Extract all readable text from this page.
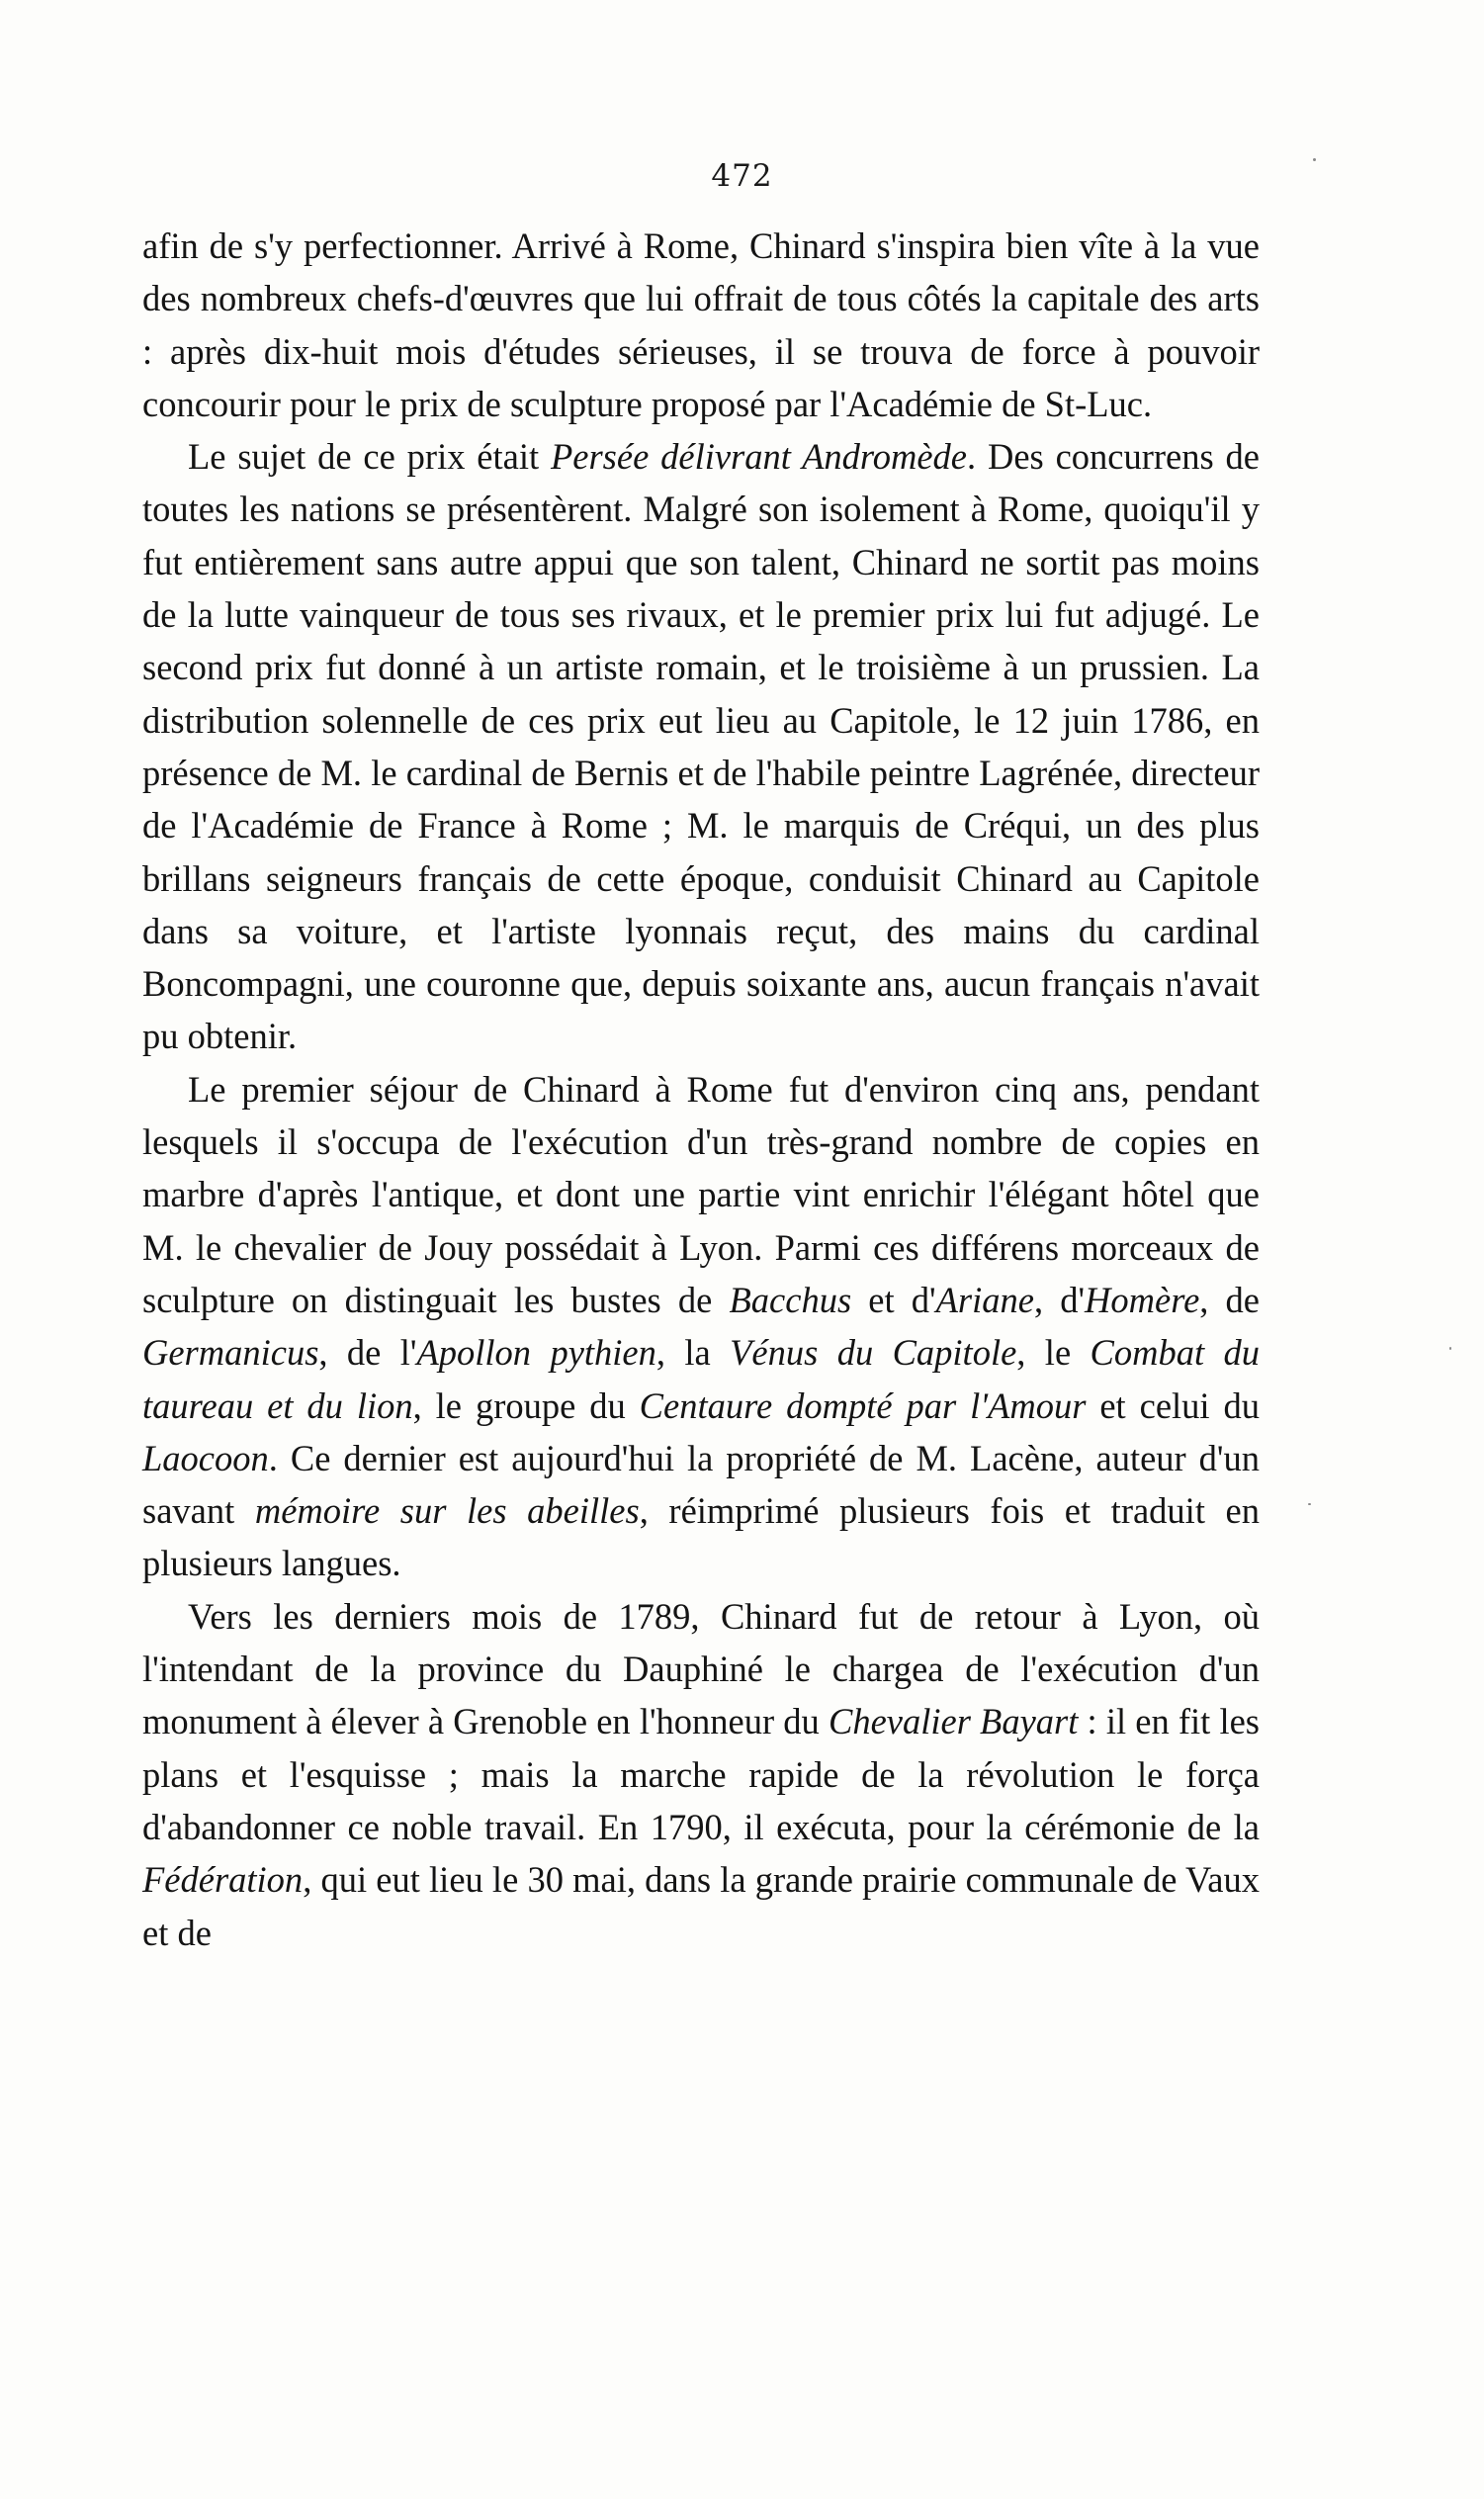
472

afin de s'y perfectionner. Arrivé à Rome, Chinard s'inspira bien vîte à la vue des nombreux chefs-d'œuvres que lui offrait de tous côtés la capitale des arts : après dix-huit mois d'études sérieuses, il se trouva de force à pouvoir concourir pour le prix de sculpture proposé par l'Académie de St-Luc.

Le sujet de ce prix était Persée délivrant Andromède. Des concurrens de toutes les nations se présentèrent. Malgré son isolement à Rome, quoiqu'il y fut entièrement sans autre appui que son talent, Chinard ne sortit pas moins de la lutte vainqueur de tous ses rivaux, et le premier prix lui fut adjugé. Le second prix fut donné à un artiste romain, et le troisième à un prussien. La distribution solennelle de ces prix eut lieu au Capitole, le 12 juin 1786, en présence de M. le cardinal de Bernis et de l'habile peintre Lagrénée, directeur de l'Académie de France à Rome ; M. le marquis de Créqui, un des plus brillans seigneurs français de cette époque, conduisit Chinard au Capitole dans sa voiture, et l'artiste lyonnais reçut, des mains du cardinal Boncompagni, une couronne que, depuis soixante ans, aucun français n'avait pu obtenir.

Le premier séjour de Chinard à Rome fut d'environ cinq ans, pendant lesquels il s'occupa de l'exécution d'un très-grand nombre de copies en marbre d'après l'antique, et dont une partie vint enrichir l'élégant hôtel que M. le chevalier de Jouy possédait à Lyon. Parmi ces différens morceaux de sculpture on distinguait les bustes de Bacchus et d'Ariane, d'Homère, de Germanicus, de l'Apollon pythien, la Vénus du Capitole, le Combat du taureau et du lion, le groupe du Centaure dompté par l'Amour et celui du Laocoon. Ce dernier est aujourd'hui la propriété de M. Lacène, auteur d'un savant mémoire sur les abeilles, réimprimé plusieurs fois et traduit en plusieurs langues.

Vers les derniers mois de 1789, Chinard fut de retour à Lyon, où l'intendant de la province du Dauphiné le chargea de l'exécution d'un monument à élever à Grenoble en l'honneur du Chevalier Bayart : il en fit les plans et l'esquisse ; mais la marche rapide de la révolution le força d'abandonner ce noble travail. En 1790, il exécuta, pour la cérémonie de la Fédération, qui eut lieu le 30 mai, dans la grande prairie communale de Vaux et de
